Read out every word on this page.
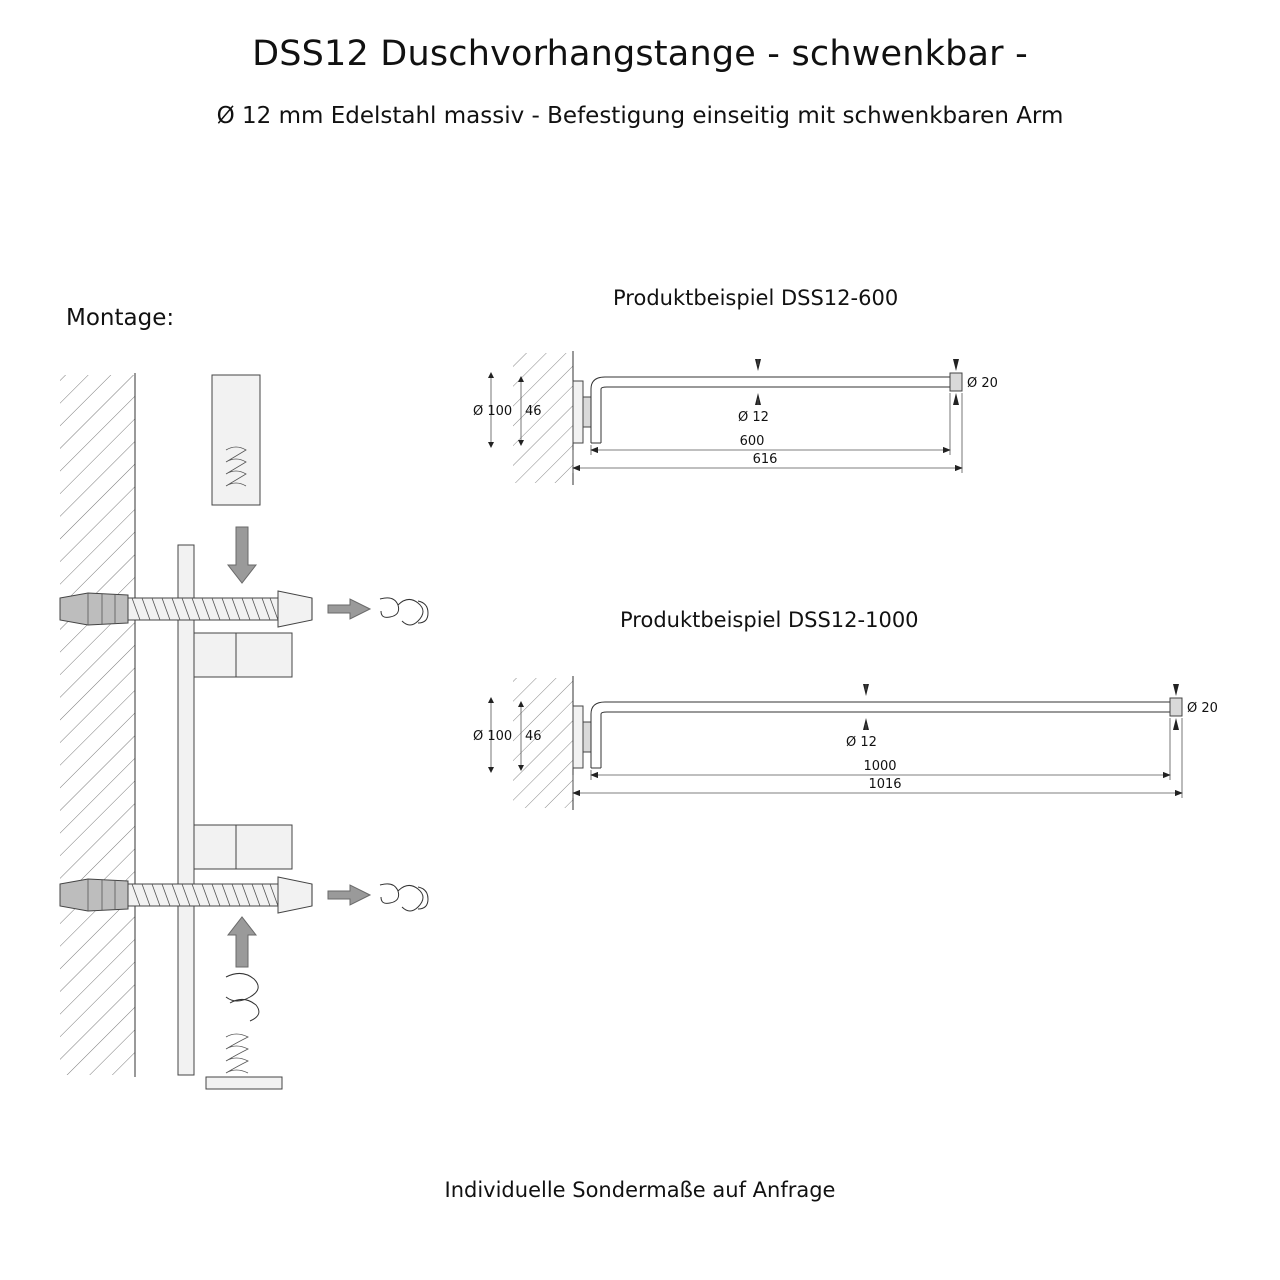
DSS12 Duschvorhangstange - schwenkbar -
Ø 12 mm Edelstahl massiv - Befestigung einseitig mit schwenkbaren Arm
Montage:
Produktbeispiel DSS12-600
Produktbeispiel DSS12-1000
Ø 100 46	Ø 12
Ø 20
600
616
Ø 100 46	Ø 12
Ø 20
1000
1016
Individuelle Sondermaße auf Anfrage
